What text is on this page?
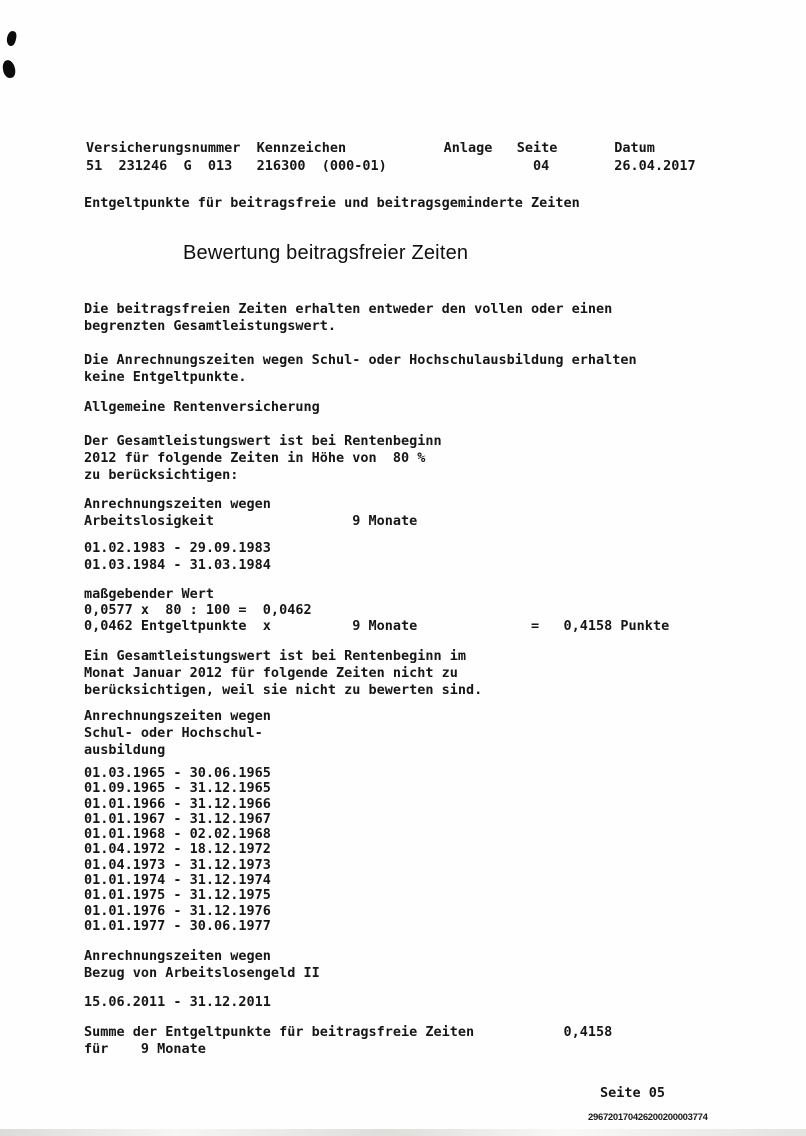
Versicherungsnummer  Kennzeichen            Anlage   Seite       Datum
51  231246  G  013   216300  (000-01)                  04        26.04.2017
Entgeltpunkte für beitragsfreie und beitragsgeminderte Zeiten
Bewertung beitragsfreier Zeiten
Die beitragsfreien Zeiten erhalten entweder den vollen oder einen
begrenzten Gesamtleistungswert.
Die Anrechnungszeiten wegen Schul- oder Hochschulausbildung erhalten
keine Entgeltpunkte.
Allgemeine Rentenversicherung
Der Gesamtleistungswert ist bei Rentenbeginn
2012 für folgende Zeiten in Höhe von  80 %
zu berücksichtigen:
Anrechnungszeiten wegen
Arbeitslosigkeit                 9 Monate
01.02.1983 - 29.09.1983
01.03.1984 - 31.03.1984
maßgebender Wert
0,0577 x  80 : 100 =  0,0462
0,0462 Entgeltpunkte  x          9 Monate              =   0,4158 Punkte
Ein Gesamtleistungswert ist bei Rentenbeginn im
Monat Januar 2012 für folgende Zeiten nicht zu
berücksichtigen, weil sie nicht zu bewerten sind.
Anrechnungszeiten wegen
Schul- oder Hochschul-
ausbildung
01.03.1965 - 30.06.1965
01.09.1965 - 31.12.1965
01.01.1966 - 31.12.1966
01.01.1967 - 31.12.1967
01.01.1968 - 02.02.1968
01.04.1972 - 18.12.1972
01.04.1973 - 31.12.1973
01.01.1974 - 31.12.1974
01.01.1975 - 31.12.1975
01.01.1976 - 31.12.1976
01.01.1977 - 30.06.1977
Anrechnungszeiten wegen
Bezug von Arbeitslosengeld II
15.06.2011 - 31.12.2011
Summe der Entgeltpunkte für beitragsfreie Zeiten           0,4158
für    9 Monate
Seite 05
296720170426200200003774
